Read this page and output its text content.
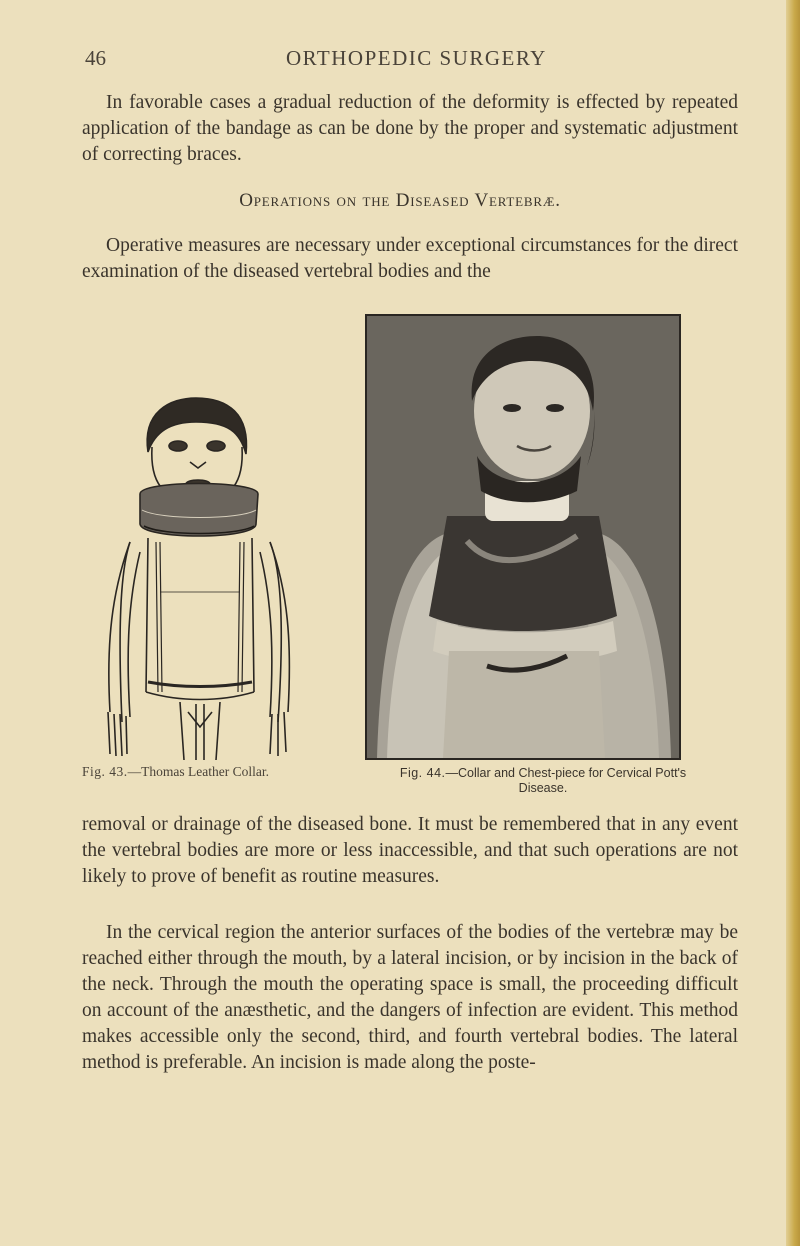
46	ORTHOPEDIC SURGERY

In favorable cases a gradual reduction of the deformity is effected by repeated application of the bandage as can be done by the proper and systematic adjustment of correcting braces.

Operations on the Diseased Vertebræ.

Operative measures are necessary under exceptional circumstances for the direct examination of the diseased vertebral bodies and the

Fig. 43.—Thomas Leather Collar.	Fig. 44.—Collar and Chest-piece for Cervical Pott's Disease.

removal or drainage of the diseased bone. It must be remembered that in any event the vertebral bodies are more or less inaccessible, and that such operations are not likely to prove of benefit as routine measures.

In the cervical region the anterior surfaces of the bodies of the vertebræ may be reached either through the mouth, by a lateral incision, or by incision in the back of the neck. Through the mouth the operating space is small, the proceeding difficult on account of the anæsthetic, and the dangers of infection are evident. This method makes accessible only the second, third, and fourth vertebral bodies. The lateral method is preferable. An incision is made along the poste-
